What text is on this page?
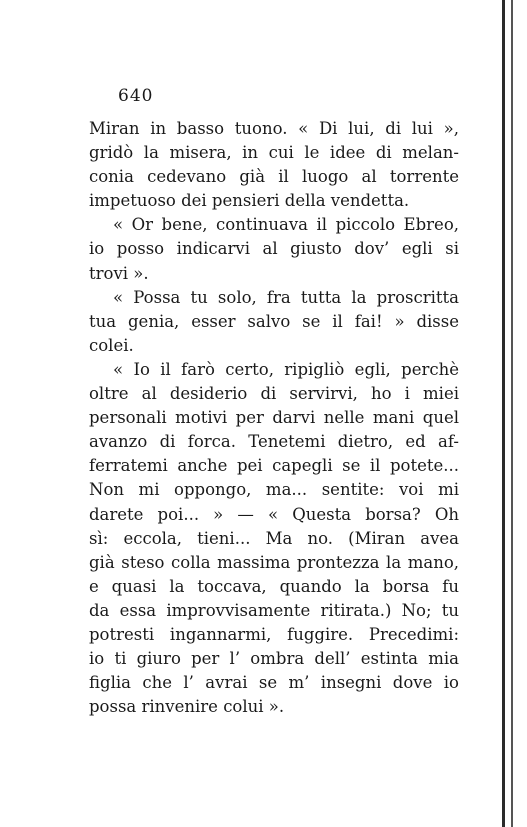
640
Miran in basso tuono. « Di lui, di lui »,
gridò la misera, in cui le idee di melan-
conia cedevano già il luogo al torrente
impetuoso dei pensieri della vendetta.
« Or bene, continuava il piccolo Ebreo,
io posso indicarvi al giusto dov’ egli si
trovi ».
« Possa tu solo, fra tutta la proscritta
tua genia, esser salvo se il fai! » disse
colei.
« Io il farò certo, ripigliò egli, perchè
oltre al desiderio di servirvi, ho i miei
personali motivi per darvi nelle mani quel
avanzo di forca. Tenetemi dietro, ed af-
ferratemi anche pei capegli se il potete...
Non mi oppongo, ma... sentite: voi mi
darete poi... » — « Questa borsa? Oh
sì: eccola, tieni... Ma no. (Miran avea
già steso colla massima prontezza la mano,
e quasi la toccava, quando la borsa fu
da essa improvvisamente ritirata.) No; tu
potresti ingannarmi, fuggire. Precedimi:
io ti giuro per l’ ombra dell’ estinta mia
figlia che l’ avrai se m’ insegni dove io
possa rinvenire colui ».
